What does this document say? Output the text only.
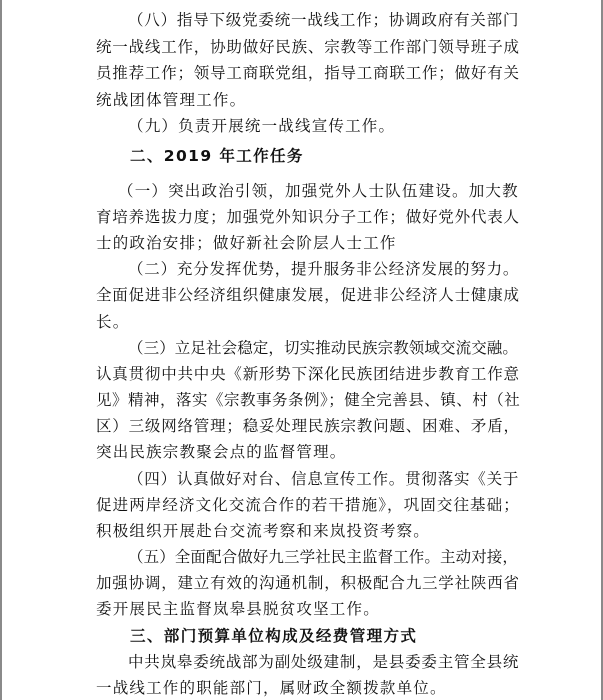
（八）指导下级党委统一战线工作；协调政府有关部门
统一战线工作，协助做好民族、宗教等工作部门领导班子成
员推荐工作；领导工商联党组，指导工商联工作；做好有关
统战团体管理工作。
（九）负责开展统一战线宣传工作。
二、2019 年工作任务
（一）突出政治引领，加强党外人士队伍建设。加大教
育培养选拔力度；加强党外知识分子工作；做好党外代表人
士的政治安排；做好新社会阶层人士工作
（二）充分发挥优势，提升服务非公经济发展的努力。
全面促进非公经济组织健康发展，促进非公经济人士健康成
长。
（三）立足社会稳定，切实推动民族宗教领域交流交融。
认真贯彻中共中央《新形势下深化民族团结进步教育工作意
见》精神，落实《宗教事务条例》；健全完善县、镇、村（社
区）三级网络管理；稳妥处理民族宗教问题、困难、矛盾，
突出民族宗教聚会点的监督管理。
（四）认真做好对台、信息宣传工作。贯彻落实《关于
促进两岸经济文化交流合作的若干措施》，巩固交往基础；
积极组织开展赴台交流考察和来岚投资考察。
（五）全面配合做好九三学社民主监督工作。主动对接，
加强协调，建立有效的沟通机制，积极配合九三学社陕西省
委开展民主监督岚皋县脱贫攻坚工作。
三、部门预算单位构成及经费管理方式
中共岚皋委统战部为副处级建制，是县委委主管全县统
一战线工作的职能部门，属财政全额拨款单位。
